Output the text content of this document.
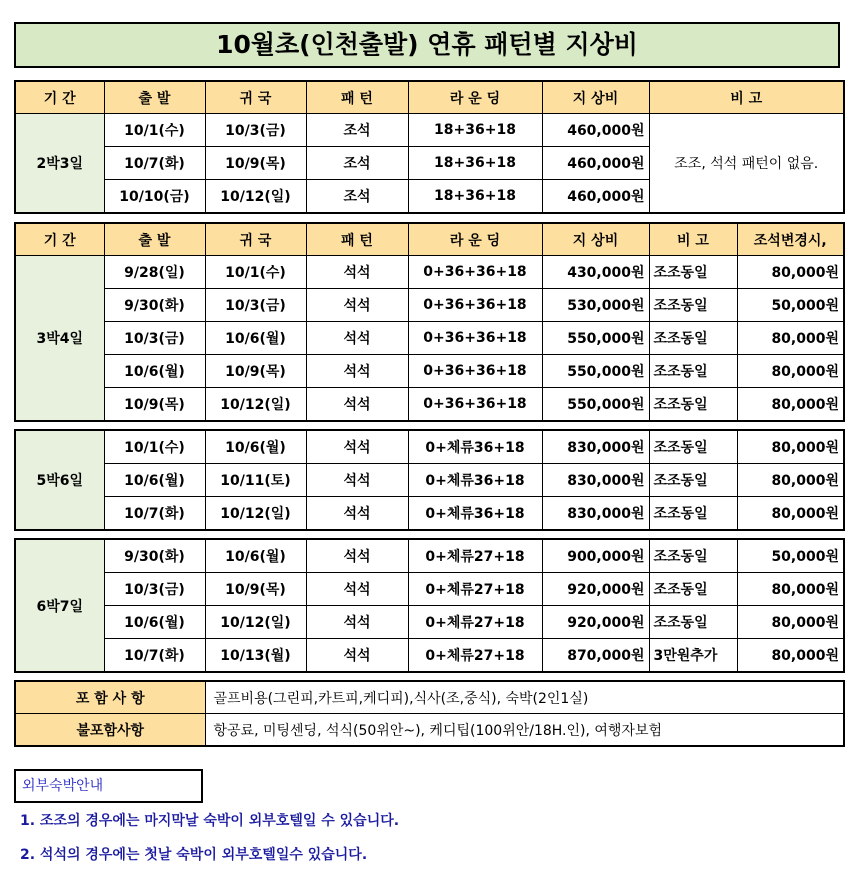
10월초(인천출발) 연휴 패턴별 지상비
기 간	출 발	귀 국	패 턴	라 운 딩	지 상비	비 고
2박3일	10/1(수)	10/3(금)	조석	18+36+18	460,000원	조조, 석석 패턴이 없음.
	10/7(화)	10/9(목)	조석	18+36+18	460,000원	
	10/10(금)	10/12(일)	조석	18+36+18	460,000원	
기 간	출 발	귀 국	패 턴	라 운 딩	지 상비	비 고	조석변경시,
3박4일	9/28(일)	10/1(수)	석석	0+36+36+18	430,000원	조조동일	80,000원
	9/30(화)	10/3(금)	석석	0+36+36+18	530,000원	조조동일	50,000원
	10/3(금)	10/6(월)	석석	0+36+36+18	550,000원	조조동일	80,000원
	10/6(월)	10/9(목)	석석	0+36+36+18	550,000원	조조동일	80,000원
	10/9(목)	10/12(일)	석석	0+36+36+18	550,000원	조조동일	80,000원
5박6일	10/1(수)	10/6(월)	석석	0+체류36+18	830,000원	조조동일	80,000원
	10/6(월)	10/11(토)	석석	0+체류36+18	830,000원	조조동일	80,000원
	10/7(화)	10/12(일)	석석	0+체류36+18	830,000원	조조동일	80,000원
6박7일	9/30(화)	10/6(월)	석석	0+체류27+18	900,000원	조조동일	50,000원
	10/3(금)	10/9(목)	석석	0+체류27+18	920,000원	조조동일	80,000원
	10/6(월)	10/12(일)	석석	0+체류27+18	920,000원	조조동일	80,000원
	10/7(화)	10/13(월)	석석	0+체류27+18	870,000원	3만원추가	80,000원
포 함 사 항	골프비용(그린피,카트피,케디피),식사(조,중식), 숙박(2인1실)
불포함사항	항공료, 미팅센딩, 석식(50위안~), 케디팁(100위안/18H.인), 여행자보험
외부숙박안내
1. 조조의 경우에는 마지막날 숙박이 외부호텔일 수 있습니다.
2. 석석의 경우에는 첫날 숙박이 외부호텔일수 있습니다.
